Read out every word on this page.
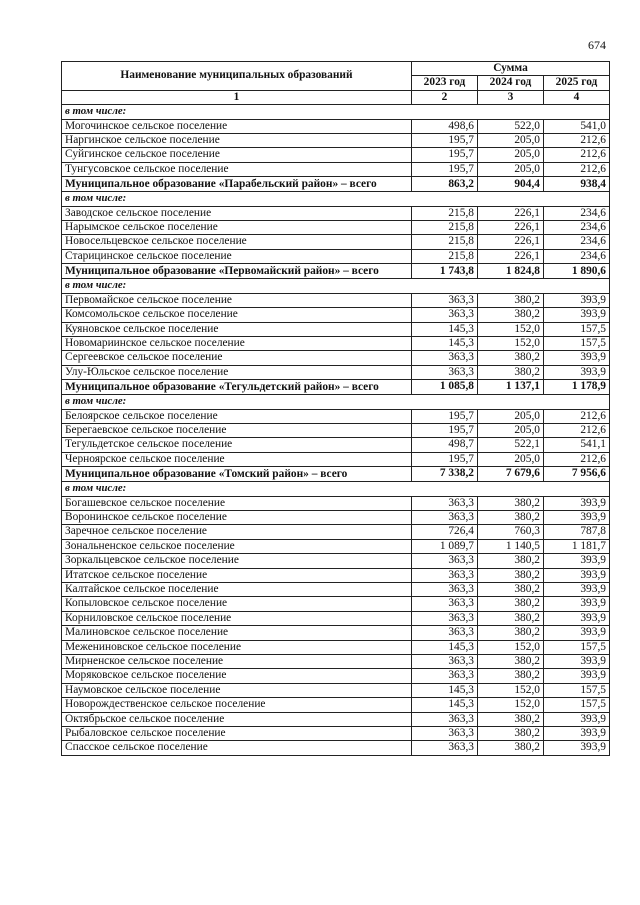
674
Наименование муниципальных образований	Сумма		
	2023 год	2024 год	2025 год
1	2	3	4
в том числе:			
Могочинское сельское поселение	498,6	522,0	541,0
Наргинское сельское поселение	195,7	205,0	212,6
Суйгинское сельское поселение	195,7	205,0	212,6
Тунгусовское сельское поселение	195,7	205,0	212,6
Муниципальное образование «Парабельский район» – всего	863,2	904,4	938,4
в том числе:			
Заводское сельское поселение	215,8	226,1	234,6
Нарымское сельское поселение	215,8	226,1	234,6
Новосельцевское сельское поселение	215,8	226,1	234,6
Старицинское сельское поселение	215,8	226,1	234,6
Муниципальное образование «Первомайский район» – всего	1 743,8	1 824,8	1 890,6
в том числе:			
Первомайское сельское поселение	363,3	380,2	393,9
Комсомольское сельское поселение	363,3	380,2	393,9
Куяновское сельское поселение	145,3	152,0	157,5
Новомариинское сельское поселение	145,3	152,0	157,5
Сергеевское сельское поселение	363,3	380,2	393,9
Улу-Юльское сельское поселение	363,3	380,2	393,9
Муниципальное образование «Тегульдетский район» – всего	1 085,8	1 137,1	1 178,9
в том числе:			
Белоярское сельское поселение	195,7	205,0	212,6
Берегаевское сельское поселение	195,7	205,0	212,6
Тегульдетское сельское поселение	498,7	522,1	541,1
Черноярское сельское поселение	195,7	205,0	212,6
Муниципальное образование «Томский район» – всего	7 338,2	7 679,6	7 956,6
в том числе:			
Богашевское сельское поселение	363,3	380,2	393,9
Воронинское сельское поселение	363,3	380,2	393,9
Заречное сельское поселение	726,4	760,3	787,8
Зональненское сельское поселение	1 089,7	1 140,5	1 181,7
Зоркальцевское сельское поселение	363,3	380,2	393,9
Итатское сельское поселение	363,3	380,2	393,9
Калтайское сельское поселение	363,3	380,2	393,9
Копыловское сельское поселение	363,3	380,2	393,9
Корниловское сельское поселение	363,3	380,2	393,9
Малиновское сельское поселение	363,3	380,2	393,9
Межениновское сельское поселение	145,3	152,0	157,5
Мирненское сельское поселение	363,3	380,2	393,9
Моряковское сельское поселение	363,3	380,2	393,9
Наумовское сельское поселение	145,3	152,0	157,5
Новорождественское сельское поселение	145,3	152,0	157,5
Октябрьское сельское поселение	363,3	380,2	393,9
Рыбаловское сельское поселение	363,3	380,2	393,9
Спасское сельское поселение	363,3	380,2	393,9
